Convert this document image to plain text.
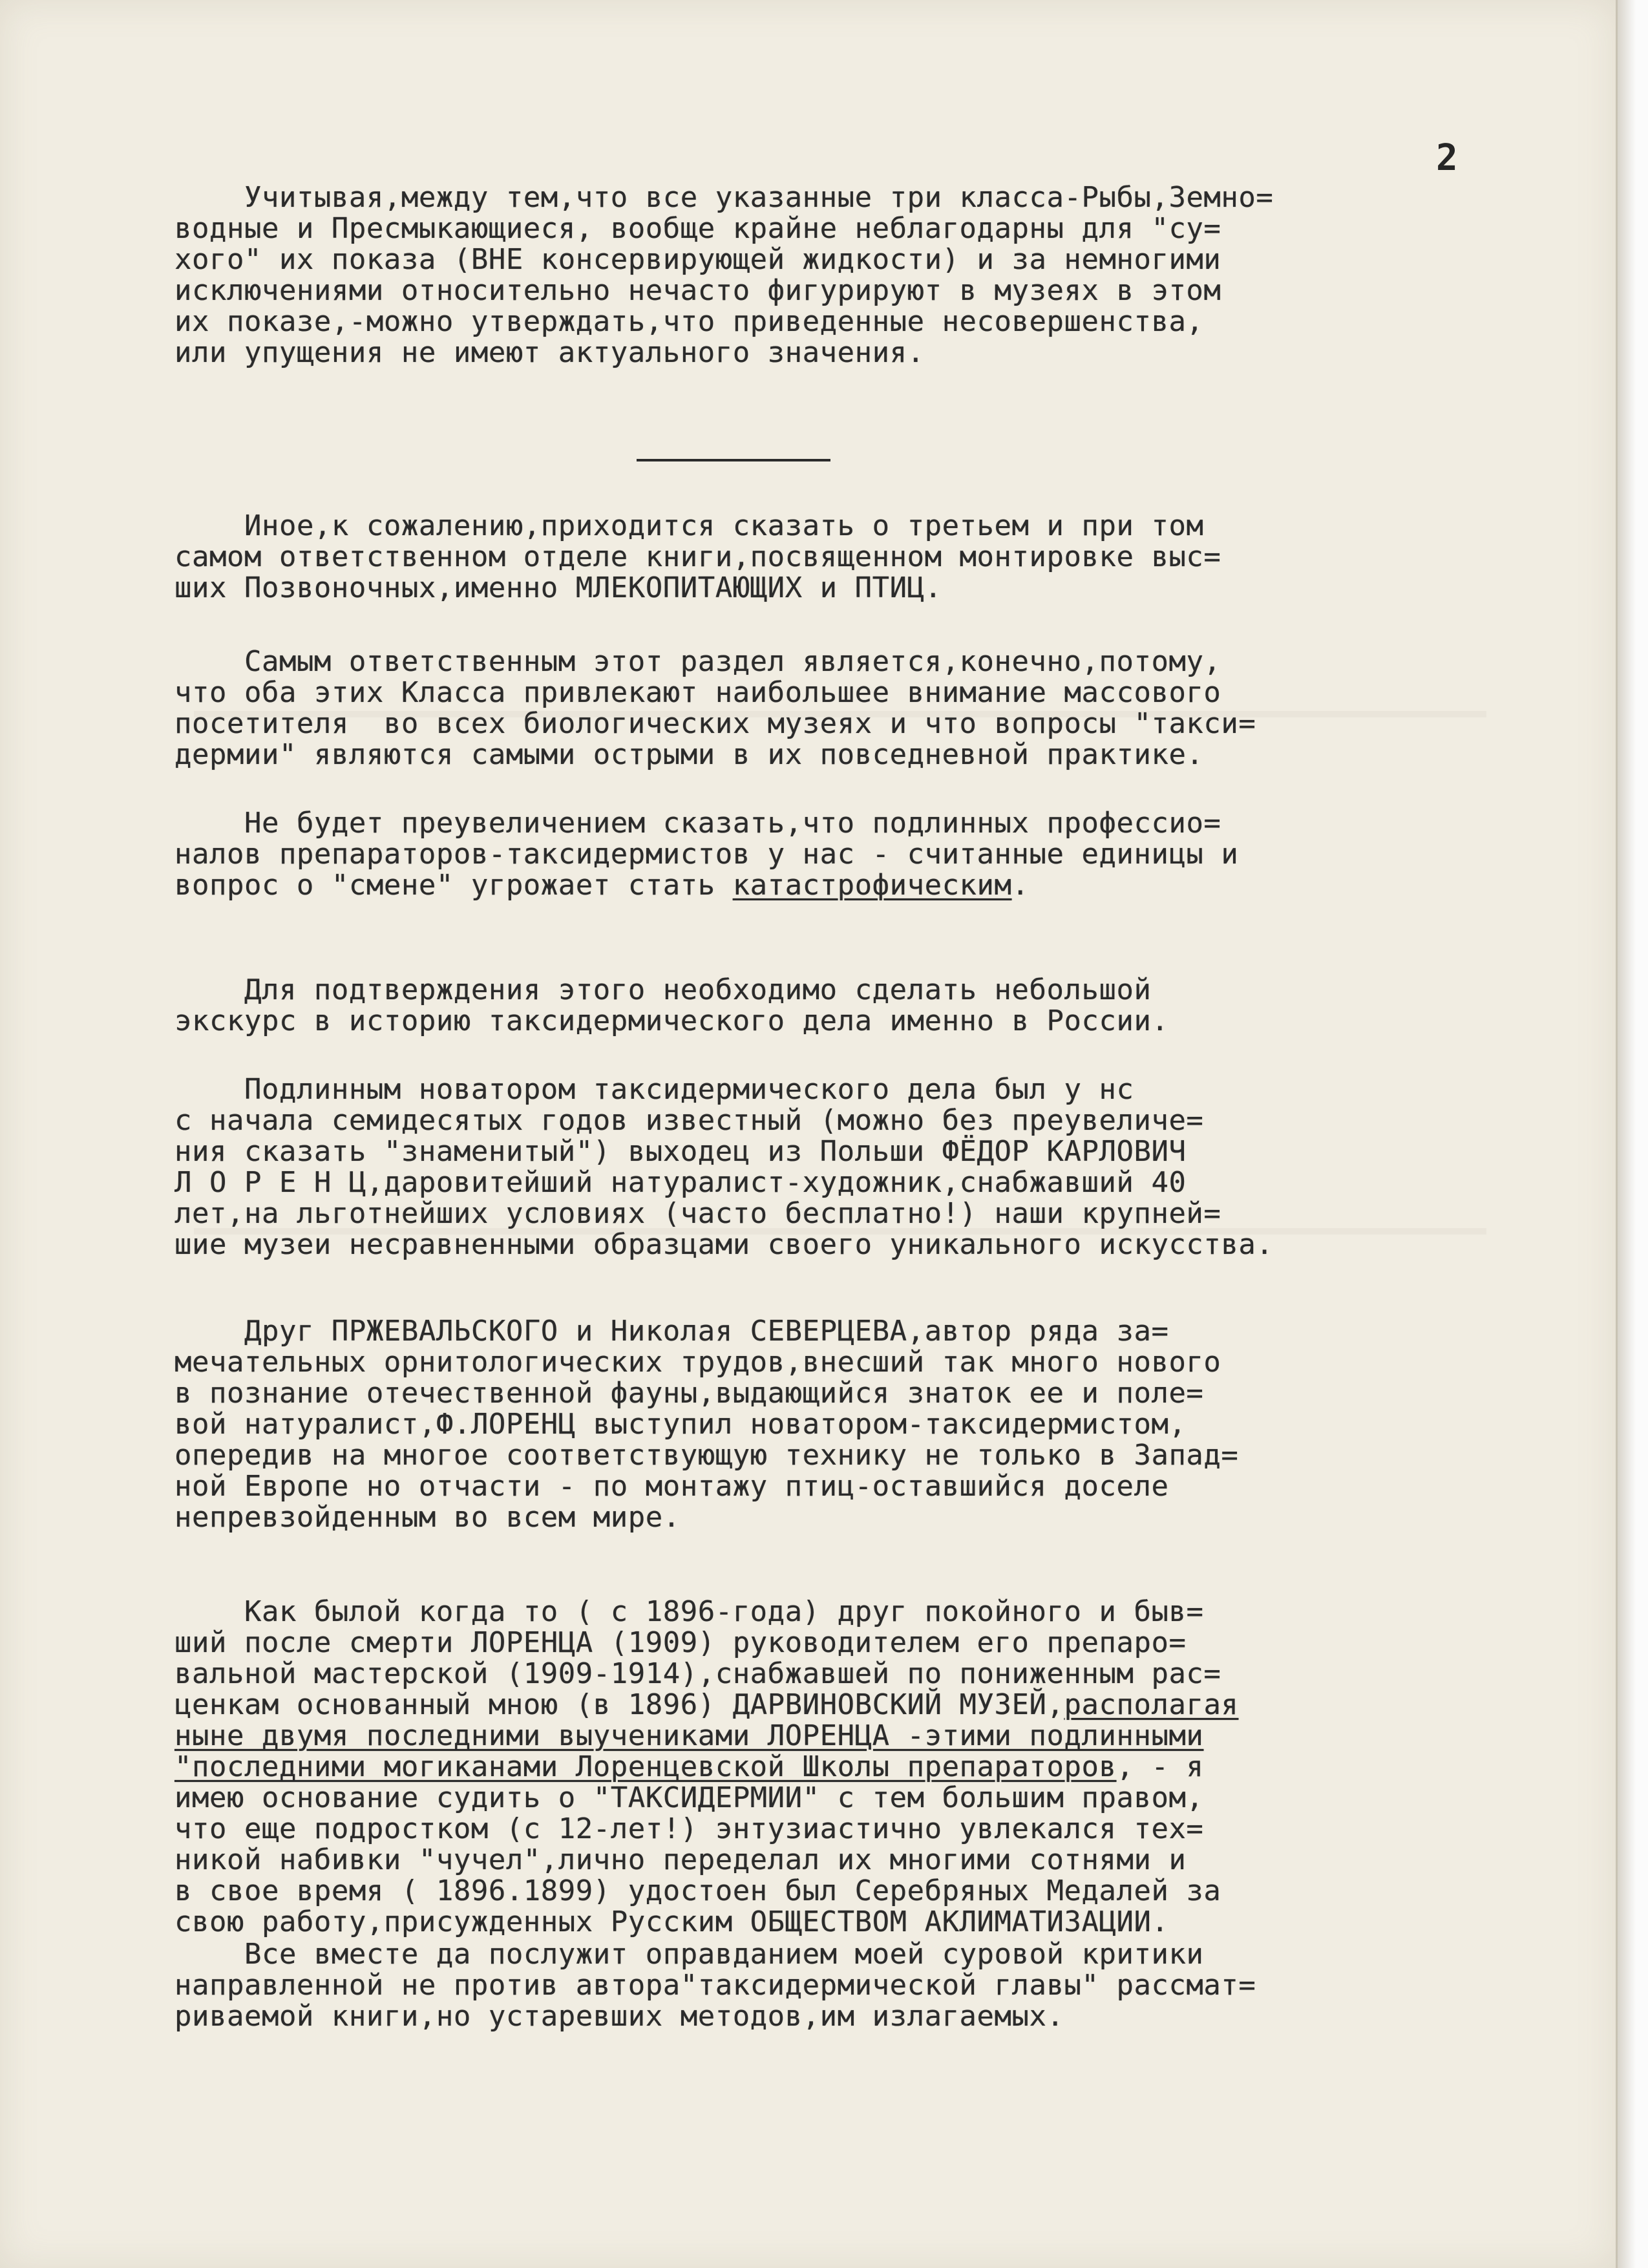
2

Учитывая,между тем,что все указанные три класса-Рыбы,Земно=
водные и Пресмыкающиеся, вообще крайне неблагодарны для "су=
хого" их показа (ВНЕ консервирующей жидкости) и за немногими
исключениями относительно нечасто фигурируют в музеях в этом
их показе,-можно утверждать,что приведенные несовершенства,
или упущения не имеют актуального значения.

Иное,к сожалению,приходится сказать о третьем и при том
самом ответственном отделе книги,посвященном монтировке выс=
ших Позвоночных,именно МЛЕКОПИТАЮЩИХ и ПТИЦ.

Самым ответственным этот раздел является,конечно,потому,
что оба этих Класса привлекают наибольшее внимание массового
посетителя  во всех биологических музеях и что вопросы "такси=
дермии" являются самыми острыми в их повседневной практике.

Не будет преувеличением сказать,что подлинных профессио=
налов препараторов-таксидермистов у нас - считанные единицы и
вопрос о "смене" угрожает стать катастрофическим.

Для подтверждения этого необходимо сделать небольшой
экскурс в историю таксидермического дела именно в России.

Подлинным новатором таксидермического дела был у нс
с начала семидесятых годов известный (можно без преувеличе=
ния сказать "знаменитый") выходец из Польши ФЁДОР КАРЛОВИЧ
Л О Р Е Н Ц,даровитейший натуралист-художник,снабжавший 40
лет,на льготнейших условиях (часто бесплатно!) наши крупней=
шие музеи несравненными образцами своего уникального искусства.

Друг ПРЖЕВАЛЬСКОГО и Николая СЕВЕРЦЕВА,автор ряда за=
мечательных орнитологических трудов,внесший так много нового
в познание отечественной фауны,выдающийся знаток ее и поле=
вой натуралист,Ф.ЛОРЕНЦ выступил новатором-таксидермистом,
опередив на многое соответствующую технику не только в Запад=
ной Европе но отчасти - по монтажу птиц-оставшийся доселе
непревзойденным во всем мире.

Как былой когда то ( с 1896-года) друг покойного и быв=
ший после смерти ЛОРЕНЦА (1909) руководителем его препаро=
вальной мастерской (1909-1914),снабжавшей по пониженным рас=
ценкам основанный мною (в 1896) ДАРВИНОВСКИЙ МУЗЕЙ,располагая
ныне двумя последними выучениками ЛОРЕНЦА -этими подлинными
"последними могиканами Лоренцевской Школы препараторов, - я
имею основание судить о "ТАКСИДЕРМИИ" с тем большим правом,
что еще подростком (с 12-лет!) энтузиастично увлекался тех=
никой набивки "чучел",лично переделал их многими сотнями и
в свое время ( 1896.1899) удостоен был Серебряных Медалей за
свою работу,присужденных Русским ОБЩЕСТВОМ АКЛИМАТИЗАЦИИ.

Все вместе да послужит оправданием моей суровой критики
направленной не против автора"таксидермической главы" рассмат=
риваемой книги,но устаревших методов,им излагаемых.
